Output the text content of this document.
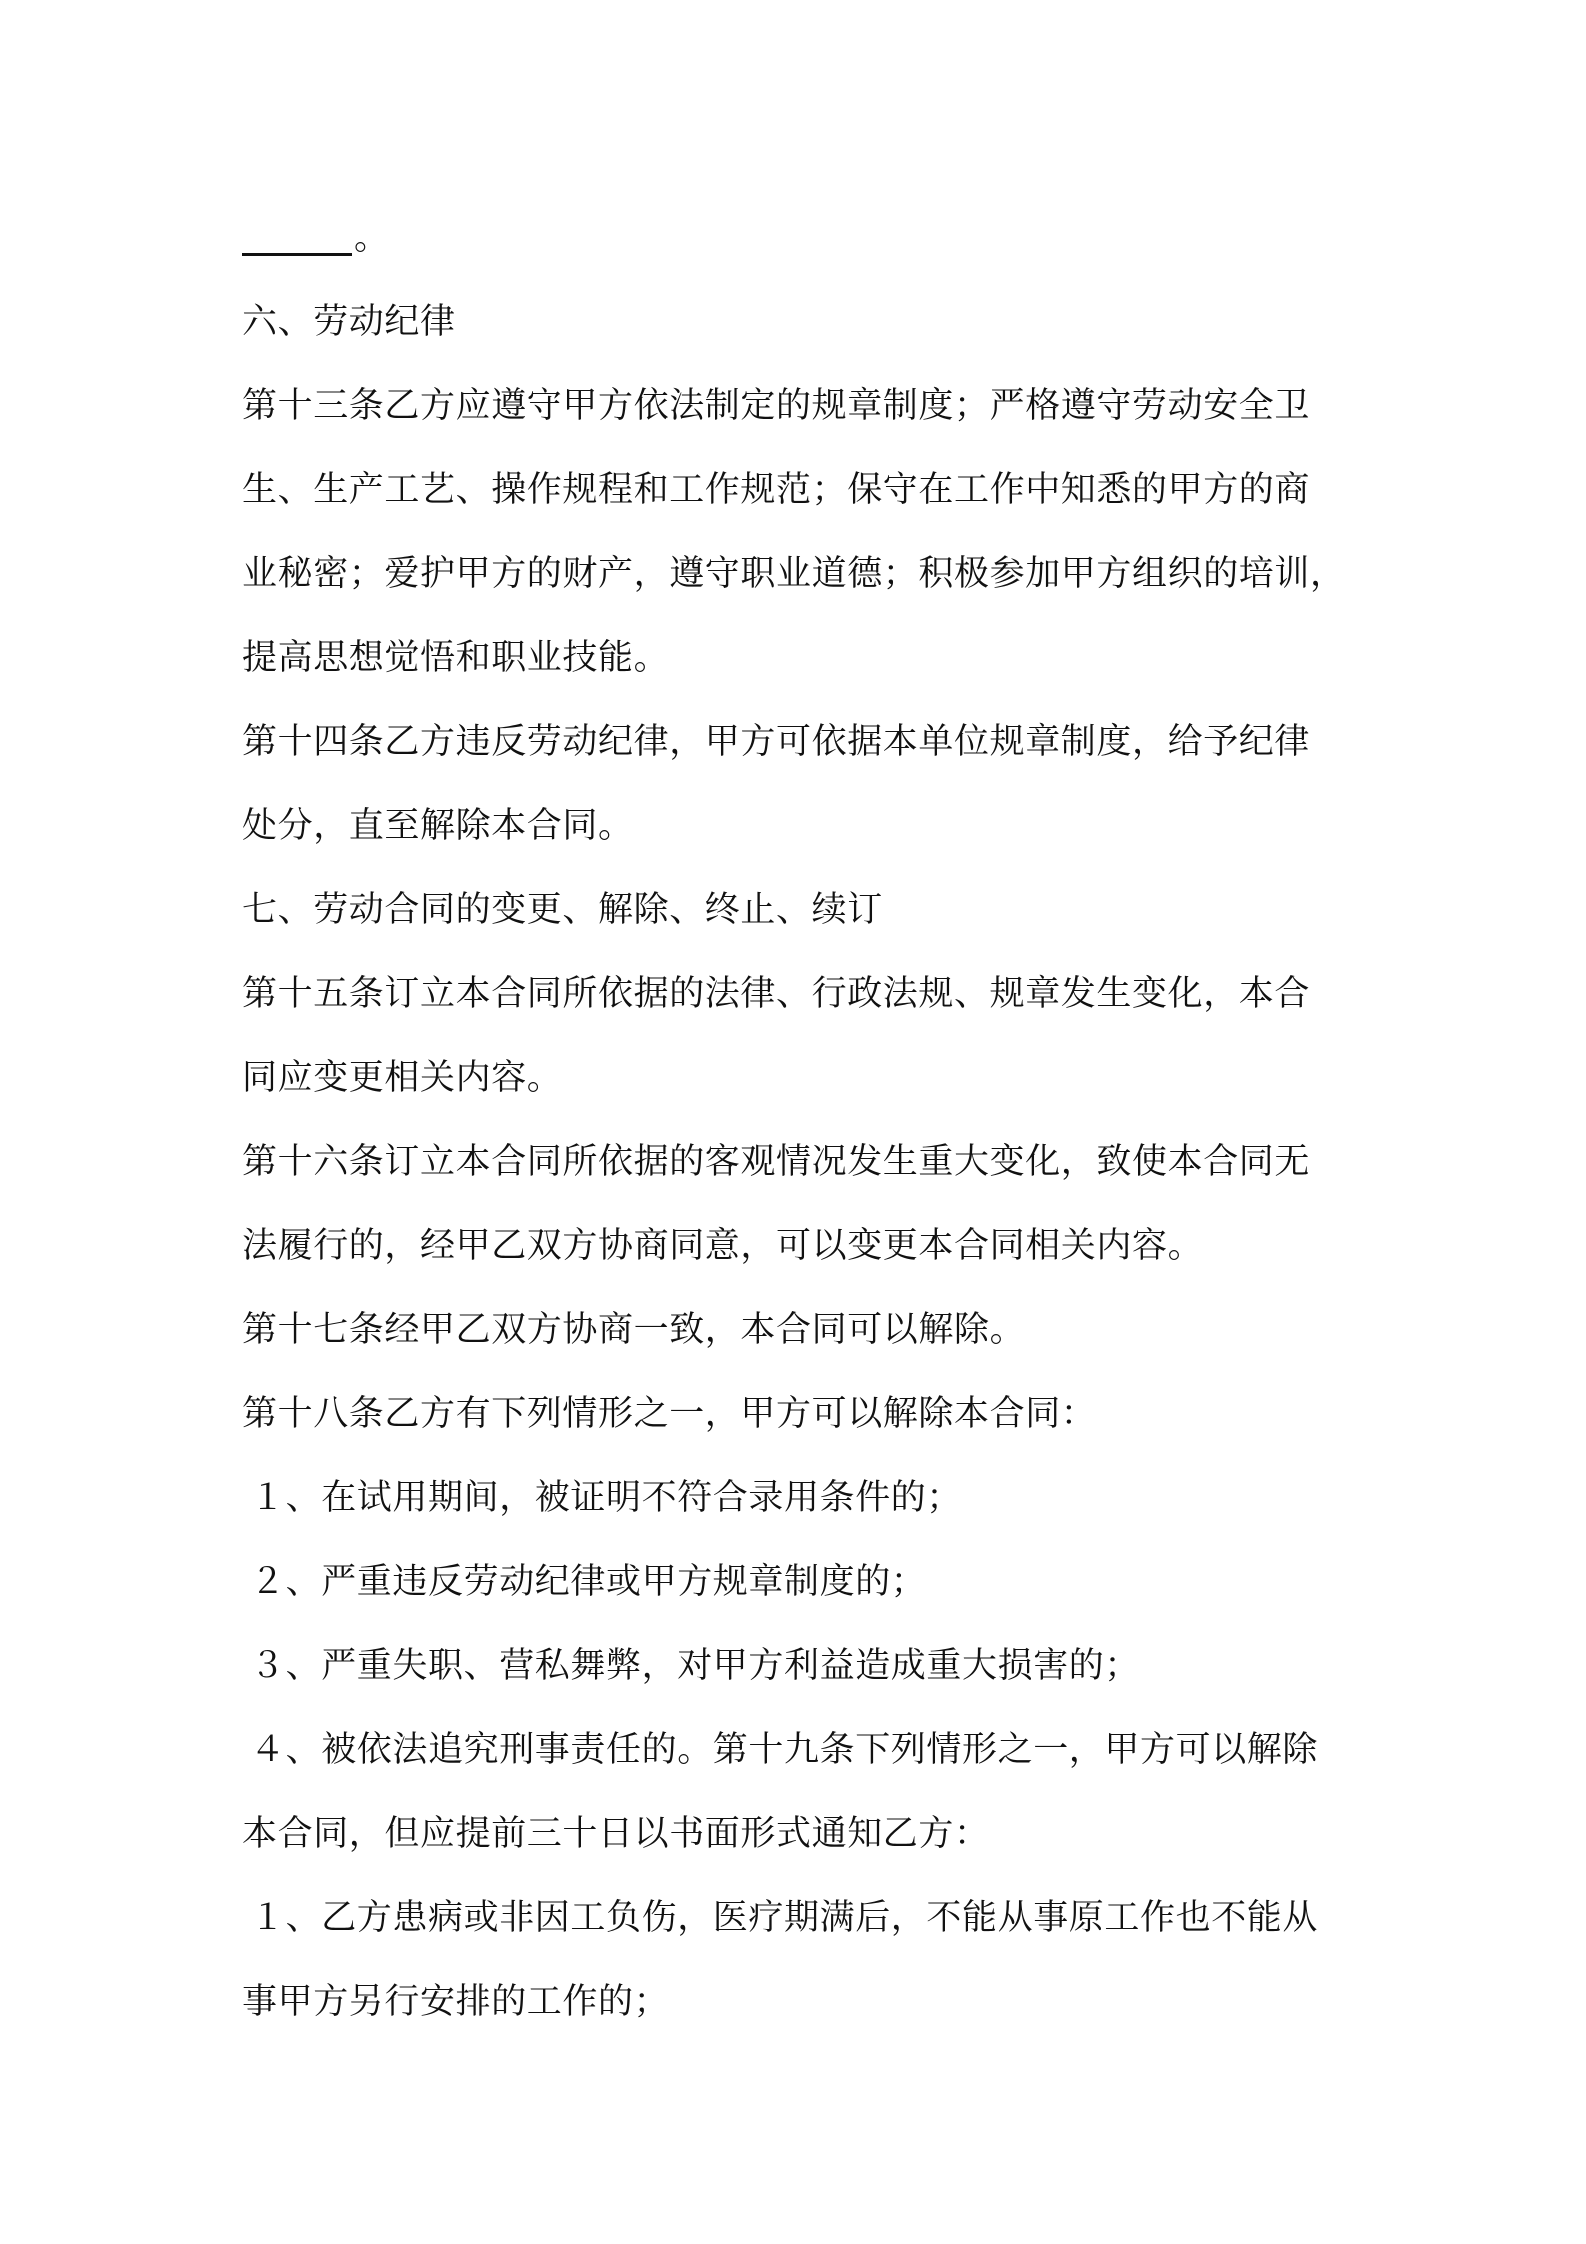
。
六、劳动纪律
第十三条乙方应遵守甲方依法制定的规章制度；严格遵守劳动安全卫
生、生产工艺、操作规程和工作规范；保守在工作中知悉的甲方的商
业秘密；爱护甲方的财产，遵守职业道德；积极参加甲方组织的培训，
提高思想觉悟和职业技能。
第十四条乙方违反劳动纪律，甲方可依据本单位规章制度，给予纪律
处分，直至解除本合同。
七、劳动合同的变更、解除、终止、续订
第十五条订立本合同所依据的法律、行政法规、规章发生变化，本合
同应变更相关内容。
第十六条订立本合同所依据的客观情况发生重大变化，致使本合同无
法履行的，经甲乙双方协商同意，可以变更本合同相关内容。
第十七条经甲乙双方协商一致，本合同可以解除。
第十八条乙方有下列情形之一，甲方可以解除本合同：
１、在试用期间，被证明不符合录用条件的；
２、严重违反劳动纪律或甲方规章制度的；
３、严重失职、营私舞弊，对甲方利益造成重大损害的；
４、被依法追究刑事责任的。第十九条下列情形之一，甲方可以解除
本合同，但应提前三十日以书面形式通知乙方：
１、乙方患病或非因工负伤，医疗期满后，不能从事原工作也不能从
事甲方另行安排的工作的；
